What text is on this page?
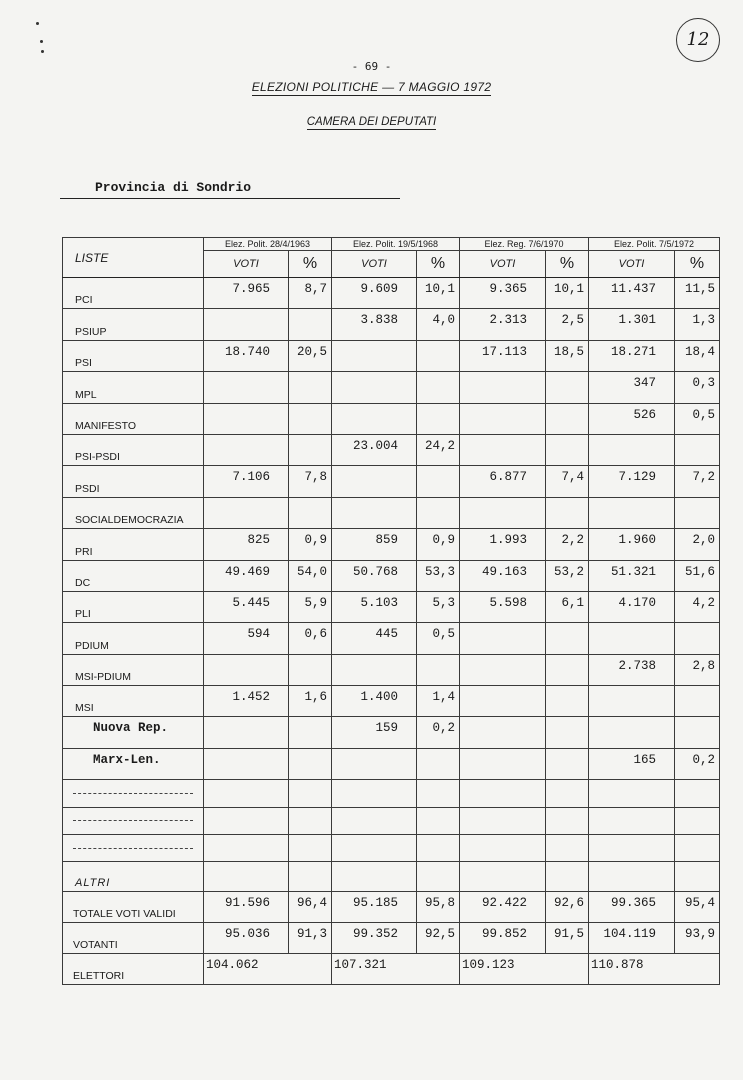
- 69 -
12
ELEZIONI POLITICHE — 7 MAGGIO 1972
CAMERA DEI DEPUTATI
Provincia di Sondrio
LISTE	Elez. Polit. 28/4/1963		Elez. Polit. 19/5/1968		Elez. Reg. 7/6/1970		Elez. Polit. 7/5/1972	
	VOTI	%	VOTI	%	VOTI	%	VOTI	%
PCI	7.965	8,7	9.609	10,1	9.365	10,1	11.437	11,5
PSIUP			3.838	4,0	2.313	2,5	1.301	1,3
PSI	18.740	20,5			17.113	18,5	18.271	18,4
MPL							347	0,3
MANIFESTO							526	0,5
PSI-PSDI			23.004	24,2				
PSDI	7.106	7,8			6.877	7,4	7.129	7,2
SOCIALDEMOCRAZIA								
PRI	825	0,9	859	0,9	1.993	2,2	1.960	2,0
DC	49.469	54,0	50.768	53,3	49.163	53,2	51.321	51,6
PLI	5.445	5,9	5.103	5,3	5.598	6,1	4.170	4,2
PDIUM	594	0,6	445	0,5				
MSI-PDIUM							2.738	2,8
MSI	1.452	1,6	1.400	1,4				
Nuova Rep.			159	0,2				
Marx-Len.							165	0,2

ALTRI								
TOTALE VOTI VALIDI	91.596	96,4	95.185	95,8	92.422	92,6	99.365	95,4
VOTANTI	95.036	91,3	99.352	92,5	99.852	91,5	104.119	93,9
ELETTORI	104.062		107.321		109.123		110.878	
